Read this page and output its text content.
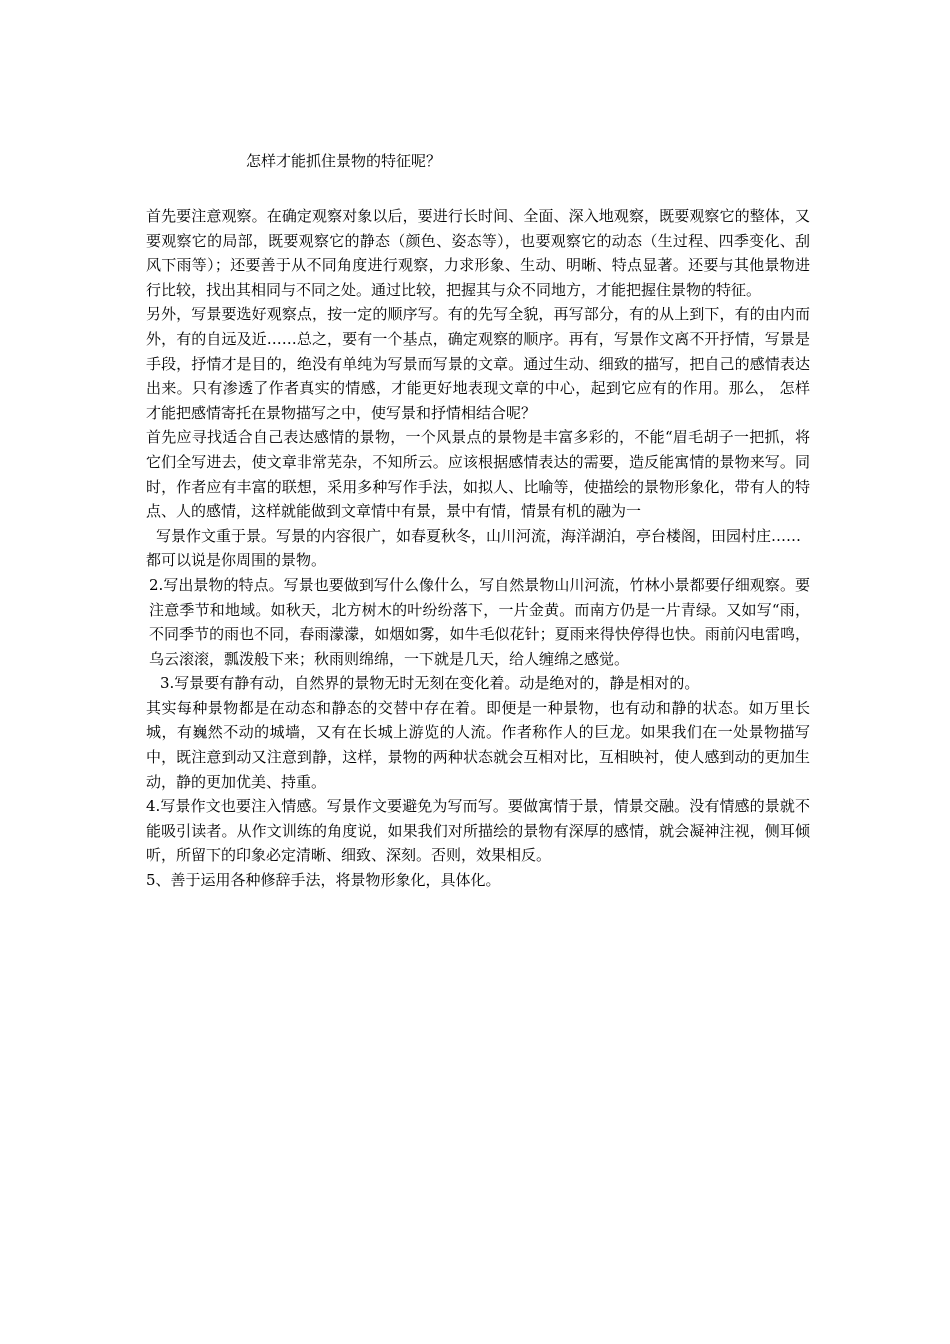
怎样才能抓住景物的特征呢？

首先要注意观察。在确定观察对象以后，要进行长时间、全面、深入地观察，既要观察它的整体，又要观察它的局部，既要观察它的静态（颜色、姿态等），也要观察它的动态（生过程、四季变化、刮风下雨等）；还要善于从不同角度进行观察，力求形象、生动、明晰、特点显著。还要与其他景物进行比较，找出其相同与不同之处。通过比较，把握其与众不同地方，才能把握住景物的特征。

另外，写景要选好观察点，按一定的顺序写。有的先写全貌，再写部分，有的从上到下，有的由内而外，有的自远及近……总之，要有一个基点，确定观察的顺序。再有，写景作文离不开抒情，写景是手段，抒情才是目的，绝没有单纯为写景而写景的文章。通过生动、细致的描写，把自己的感情表达出来。只有渗透了作者真实的情感，才能更好地表现文章的中心，起到它应有的作用。那么， 怎样才能把感情寄托在景物描写之中，使写景和抒情相结合呢？

首先应寻找适合自己表达感情的景物，一个风景点的景物是丰富多彩的，不能“眉毛胡子一把抓，将它们全写进去，使文章非常芜杂，不知所云。应该根据感情表达的需要，造反能寓情的景物来写。同时，作者应有丰富的联想，采用多种写作手法，如拟人、比喻等，使描绘的景物形象化，带有人的特点、人的感情，这样就能做到文章情中有景，景中有情，情景有机的融为一

写景作文重于景。写景的内容很广，如春夏秋冬，山川河流，海洋湖泊，亭台楼阁，田园村庄……

都可以说是你周围的景物。

2.写出景物的特点。写景也要做到写什么像什么，写自然景物山川河流，竹林小景都要仔细观察。要注意季节和地域。如秋天，北方树木的叶纷纷落下，一片金黄。而南方仍是一片青绿。又如写“雨，不同季节的雨也不同，春雨濛濛，如烟如雾，如牛毛似花针；夏雨来得快停得也快。雨前闪电雷鸣，乌云滚滚，瓢泼般下来；秋雨则绵绵，一下就是几天，给人缠绵之感觉。

3.写景要有静有动，自然界的景物无时无刻在变化着。动是绝对的，静是相对的。

其实每种景物都是在动态和静态的交替中存在着。即便是一种景物，也有动和静的状态。如万里长城，有巍然不动的城墙，又有在长城上游览的人流。作者称作人的巨龙。如果我们在一处景物描写中，既注意到动又注意到静，这样，景物的两种状态就会互相对比，互相映衬，使人感到动的更加生动，静的更加优美、持重。

4.写景作文也要注入情感。写景作文要避免为写而写。要做寓情于景，情景交融。没有情感的景就不能吸引读者。从作文训练的角度说，如果我们对所描绘的景物有深厚的感情，就会凝神注视，侧耳倾听，所留下的印象必定清晰、细致、深刻。否则，效果相反。

5、善于运用各种修辞手法，将景物形象化，具体化。
